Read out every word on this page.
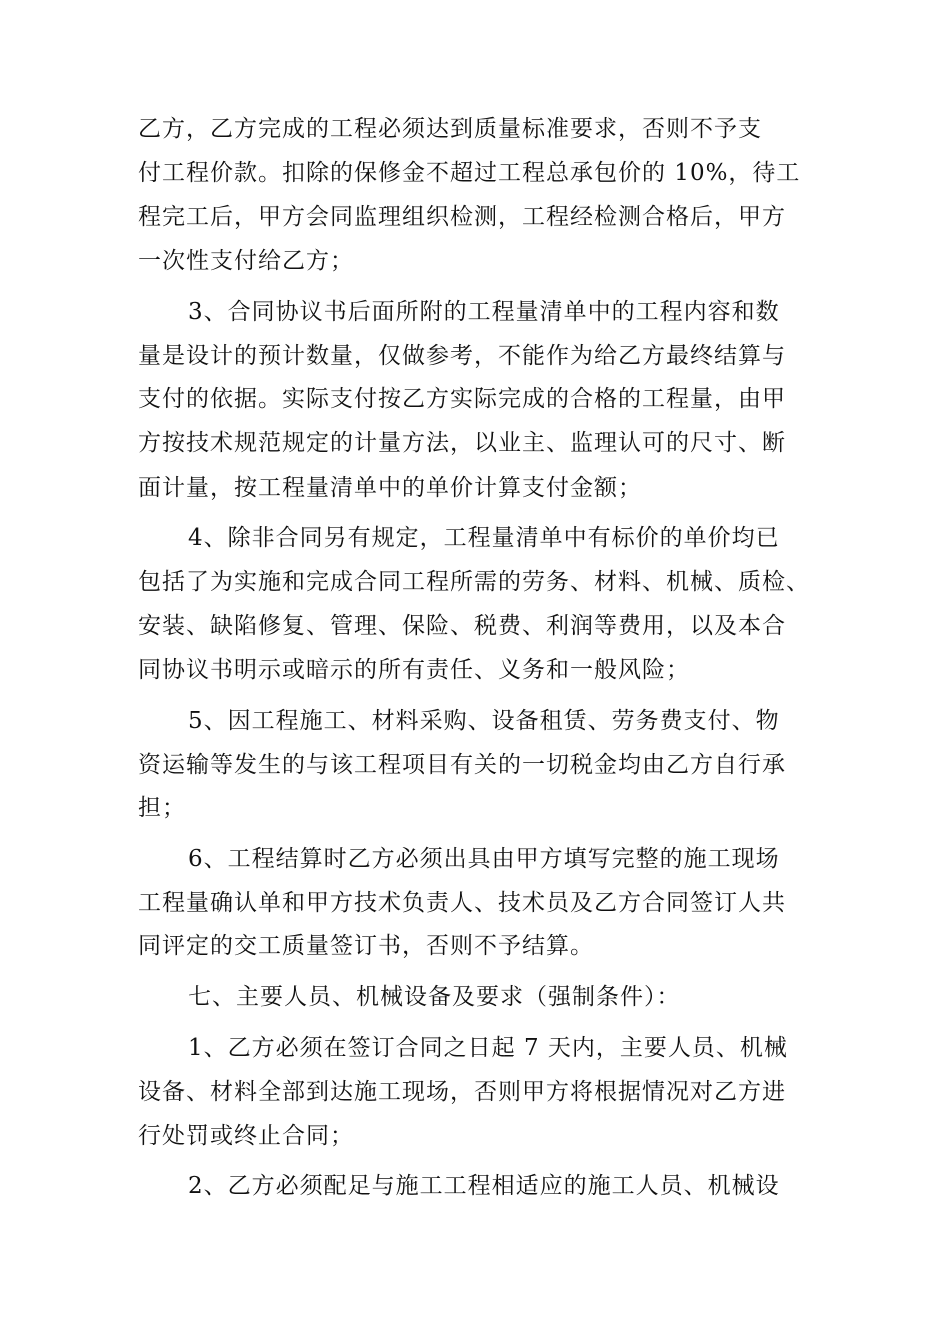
乙方，乙方完成的工程必须达到质量标准要求，否则不予支
付工程价款。扣除的保修金不超过工程总承包价的 10%，待工
程完工后，甲方会同监理组织检测，工程经检测合格后，甲方
一次性支付给乙方；
3、合同协议书后面所附的工程量清单中的工程内容和数
量是设计的预计数量，仅做参考，不能作为给乙方最终结算与
支付的依据。实际支付按乙方实际完成的合格的工程量，由甲
方按技术规范规定的计量方法，以业主、监理认可的尺寸、断
面计量，按工程量清单中的单价计算支付金额；
4、除非合同另有规定，工程量清单中有标价的单价均已
包括了为实施和完成合同工程所需的劳务、材料、机械、质检、
安装、缺陷修复、管理、保险、税费、利润等费用，以及本合
同协议书明示或暗示的所有责任、义务和一般风险；
5、因工程施工、材料采购、设备租赁、劳务费支付、物
资运输等发生的与该工程项目有关的一切税金均由乙方自行承
担；
6、工程结算时乙方必须出具由甲方填写完整的施工现场
工程量确认单和甲方技术负责人、技术员及乙方合同签订人共
同评定的交工质量签订书，否则不予结算。
七、主要人员、机械设备及要求（强制条件）：
1、乙方必须在签订合同之日起 7 天内，主要人员、机械
设备、材料全部到达施工现场，否则甲方将根据情况对乙方进
行处罚或终止合同；
2、乙方必须配足与施工工程相适应的施工人员、机械设
